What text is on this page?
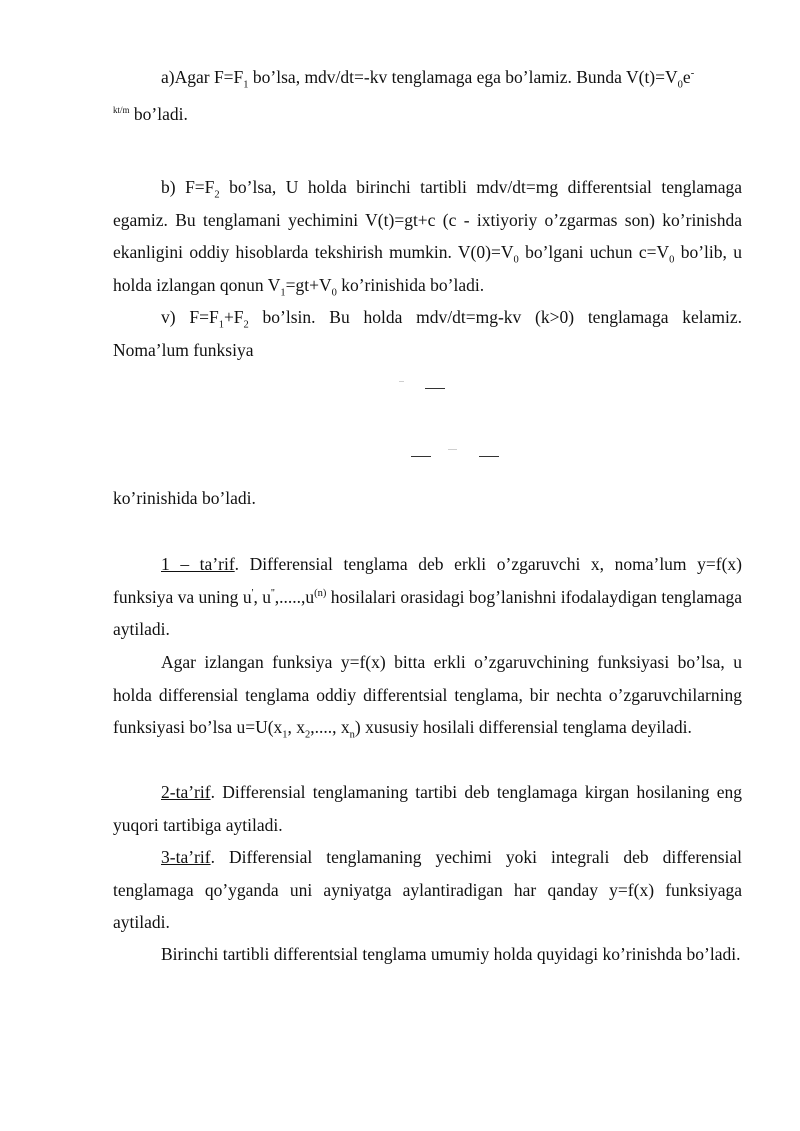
a)Agar $F=F_1$ bo’lsa, mdv/dt=-kv tenglamaga ega bo’lamiz. Bunda $V(t)=V_0e^-$
$^{kt/m}$ bo’ladi.

b) $F=F_2$ bo’lsa, U holda birinchi tartibli mdv/dt=mg differentsial tenglamaga egamiz. Bu tenglamani yechimini V(t)=gt+c (c - ixtiyoriy o’zgarmas son) ko’rinishda ekanligini oddiy hisoblarda tekshirish mumkin. $V(0)=V_0$ bo’lgani uchun $c=V_0$ bo’lib, u holda izlangan qonun $V_1=gt+V_0$ ko’rinishida bo’ladi.

v) $F=F_1+F_2$ bo’lsin. Bu holda mdv/dt=mg-kv (k>0) tenglamaga kelamiz. Noma’lum funksiya

ko’rinishida bo’ladi.

1 – ta’rif. Differensial tenglama deb erkli o’zgaruvchi x, noma’lum y=f(x) funksiya va uning u', $u'',.....,u^{(n)}$ hosilalari orasidagi bog’lanishni ifodalaydigan tenglamaga aytiladi.

Agar izlangan funksiya y=f(x) bitta erkli o’zgaruvchining funksiyasi bo’lsa, u holda differensial tenglama oddiy differentsial tenglama, bir nechta o’zgaruvchilarning funksiyasi bo’lsa $u=U(x_1$, $x_2$,...., $x_n$) xususiy hosilali differensial tenglama deyiladi.

2-ta’rif. Differensial tenglamaning tartibi deb tenglamaga kirgan hosilaning eng yuqori tartibiga aytiladi.

3-ta’rif. Differensial tenglamaning yechimi yoki integrali deb differensial tenglamaga qo’yganda uni ayniyatga aylantiradigan har qanday y=f(x) funksiyaga aytiladi.

Birinchi tartibli differentsial tenglama umumiy holda quyidagi ko’rinishda bo’ladi.
